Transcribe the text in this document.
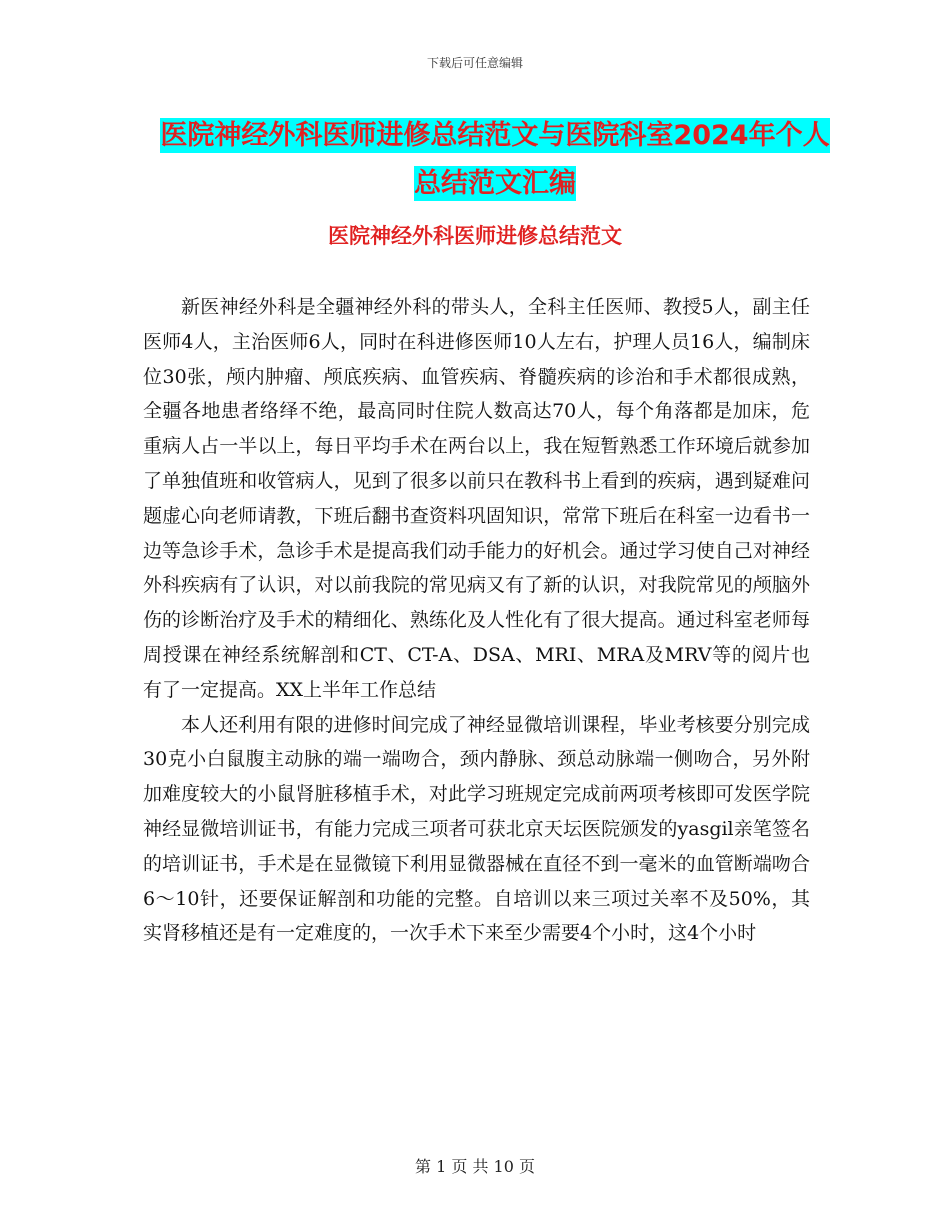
下载后可任意编辑
医院神经外科医师进修总结范文与医院科室2024年个人总结范文汇编
医院神经外科医师进修总结范文

新医神经外科是全疆神经外科的带头人，全科主任医师、教授5人，副主任医师4人，主治医师6人，同时在科进修医师10人左右，护理人员16人，编制床位30张，颅内肿瘤、颅底疾病、血管疾病、脊髓疾病的诊治和手术都很成熟，全疆各地患者络绎不绝，最高同时住院人数高达70人，每个角落都是加床，危重病人占一半以上，每日平均手术在两台以上，我在短暂熟悉工作环境后就参加了单独值班和收管病人，见到了很多以前只在教科书上看到的疾病，遇到疑难问题虚心向老师请教，下班后翻书查资料巩固知识，常常下班后在科室一边看书一边等急诊手术，急诊手术是提高我们动手能力的好机会。通过学习使自己对神经外科疾病有了认识，对以前我院的常见病又有了新的认识，对我院常见的颅脑外伤的诊断治疗及手术的精细化、熟练化及人性化有了很大提高。通过科室老师每周授课在神经系统解剖和CT、CT-A、DSA、MRI、MRA及MRV等的阅片也有了一定提高。XX上半年工作总结

本人还利用有限的进修时间完成了神经显微培训课程，毕业考核要分别完成30克小白鼠腹主动脉的端一端吻合，颈内静脉、颈总动脉端一侧吻合，另外附加难度较大的小鼠肾脏移植手术，对此学习班规定完成前两项考核即可发医学院神经显微培训证书，有能力完成三项者可获北京天坛医院颁发的yasgil亲笔签名的培训证书，手术是在显微镜下利用显微器械在直径不到一毫米的血管断端吻合6～10针，还要保证解剖和功能的完整。自培训以来三项过关率不及50%，其实肾移植还是有一定难度的，一次手术下来至少需要4个小时，这4个小时

第 1 页 共 10 页
